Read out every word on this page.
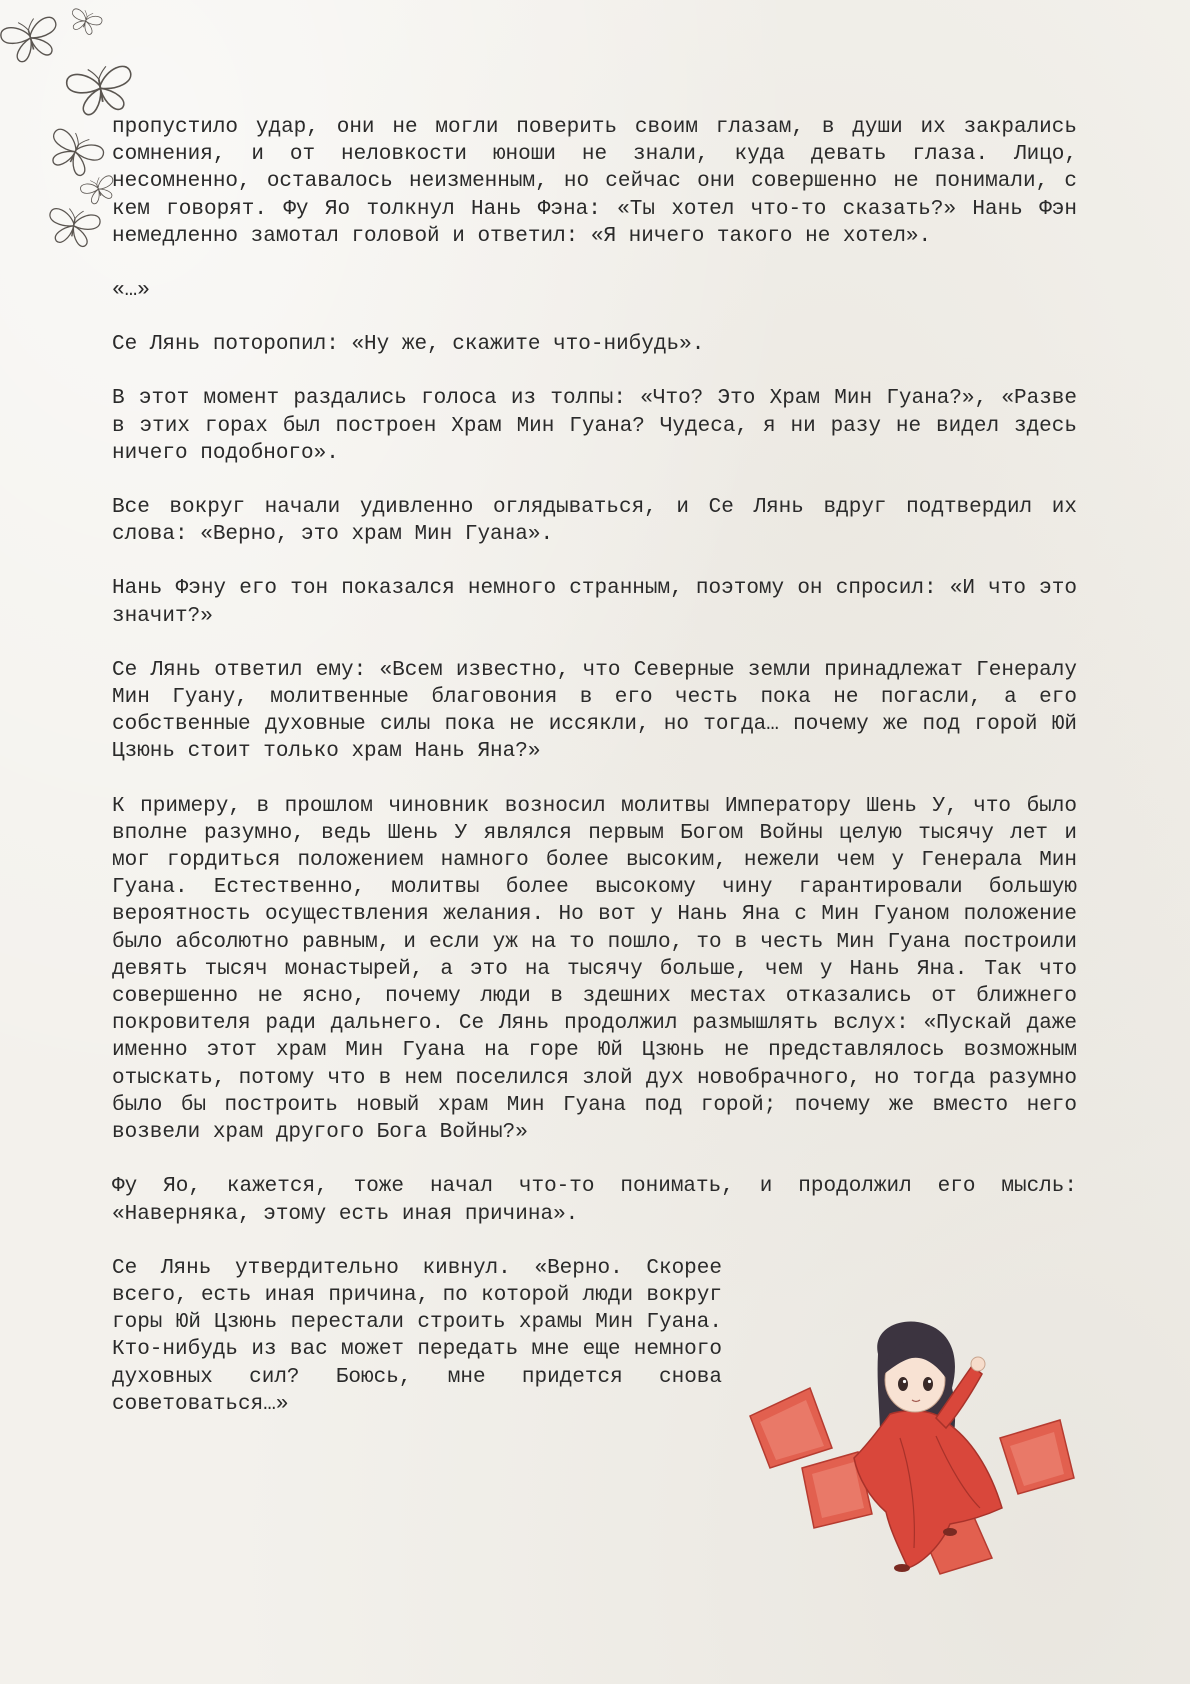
пропустило удар, они не могли поверить своим глазам, в души их закрались сомнения, и от неловкости юноши не знали, куда девать глаза. Лицо, несомненно, оставалось неизменным, но сейчас они совершенно не понимали, с кем говорят. Фу Яо толкнул Нань Фэна: «Ты хотел что-то сказать?» Нань Фэн немедленно замотал головой и ответил: «Я ничего такого не хотел».

«…»

Се Лянь поторопил: «Ну же, скажите что-нибудь».

В этот момент раздались голоса из толпы: «Что? Это Храм Мин Гуана?», «Разве в этих горах был построен Храм Мин Гуана? Чудеса, я ни разу не видел здесь ничего подобного».

Все вокруг начали удивленно оглядываться, и Се Лянь вдруг подтвердил их слова: «Верно, это храм Мин Гуана».

Нань Фэну его тон показался немного странным, поэтому он спросил: «И что это значит?»

Се Лянь ответил ему: «Всем известно, что Северные земли принадлежат Генералу Мин Гуану, молитвенные благовония в его честь пока не погасли, а его собственные духовные силы пока не иссякли, но тогда… почему же под горой Юй Цзюнь стоит только храм Нань Яна?»

К примеру, в прошлом чиновник возносил молитвы Императору Шень У, что было вполне разумно, ведь Шень У являлся первым Богом Войны целую тысячу лет и мог гордиться положением намного более высоким, нежели чем у Генерала Мин Гуана. Естественно, молитвы более высокому чину гарантировали большую вероятность осуществления желания. Но вот у Нань Яна с Мин Гуаном положение было абсолютно равным, и если уж на то пошло, то в честь Мин Гуана построили девять тысяч монастырей, а это на тысячу больше, чем у Нань Яна. Так что совершенно не ясно, почему люди в здешних местах отказались от ближнего покровителя ради дальнего. Се Лянь продолжил размышлять вслух: «Пускай даже именно этот храм Мин Гуана на горе Юй Цзюнь не представлялось возможным отыскать, потому что в нем поселился злой дух новобрачного, но тогда разумно было бы построить новый храм Мин Гуана под горой; почему же вместо него возвели храм другого Бога Войны?»

Фу Яо, кажется, тоже начал что-то понимать, и продолжил его мысль: «Наверняка, этому есть иная причина».

Се Лянь утвердительно кивнул. «Верно. Скорее всего, есть иная причина, по которой люди вокруг горы Юй Цзюнь перестали строить храмы Мин Гуана. Кто-нибудь из вас может передать мне еще немного духовных сил? Боюсь, мне придется снова советоваться…»
